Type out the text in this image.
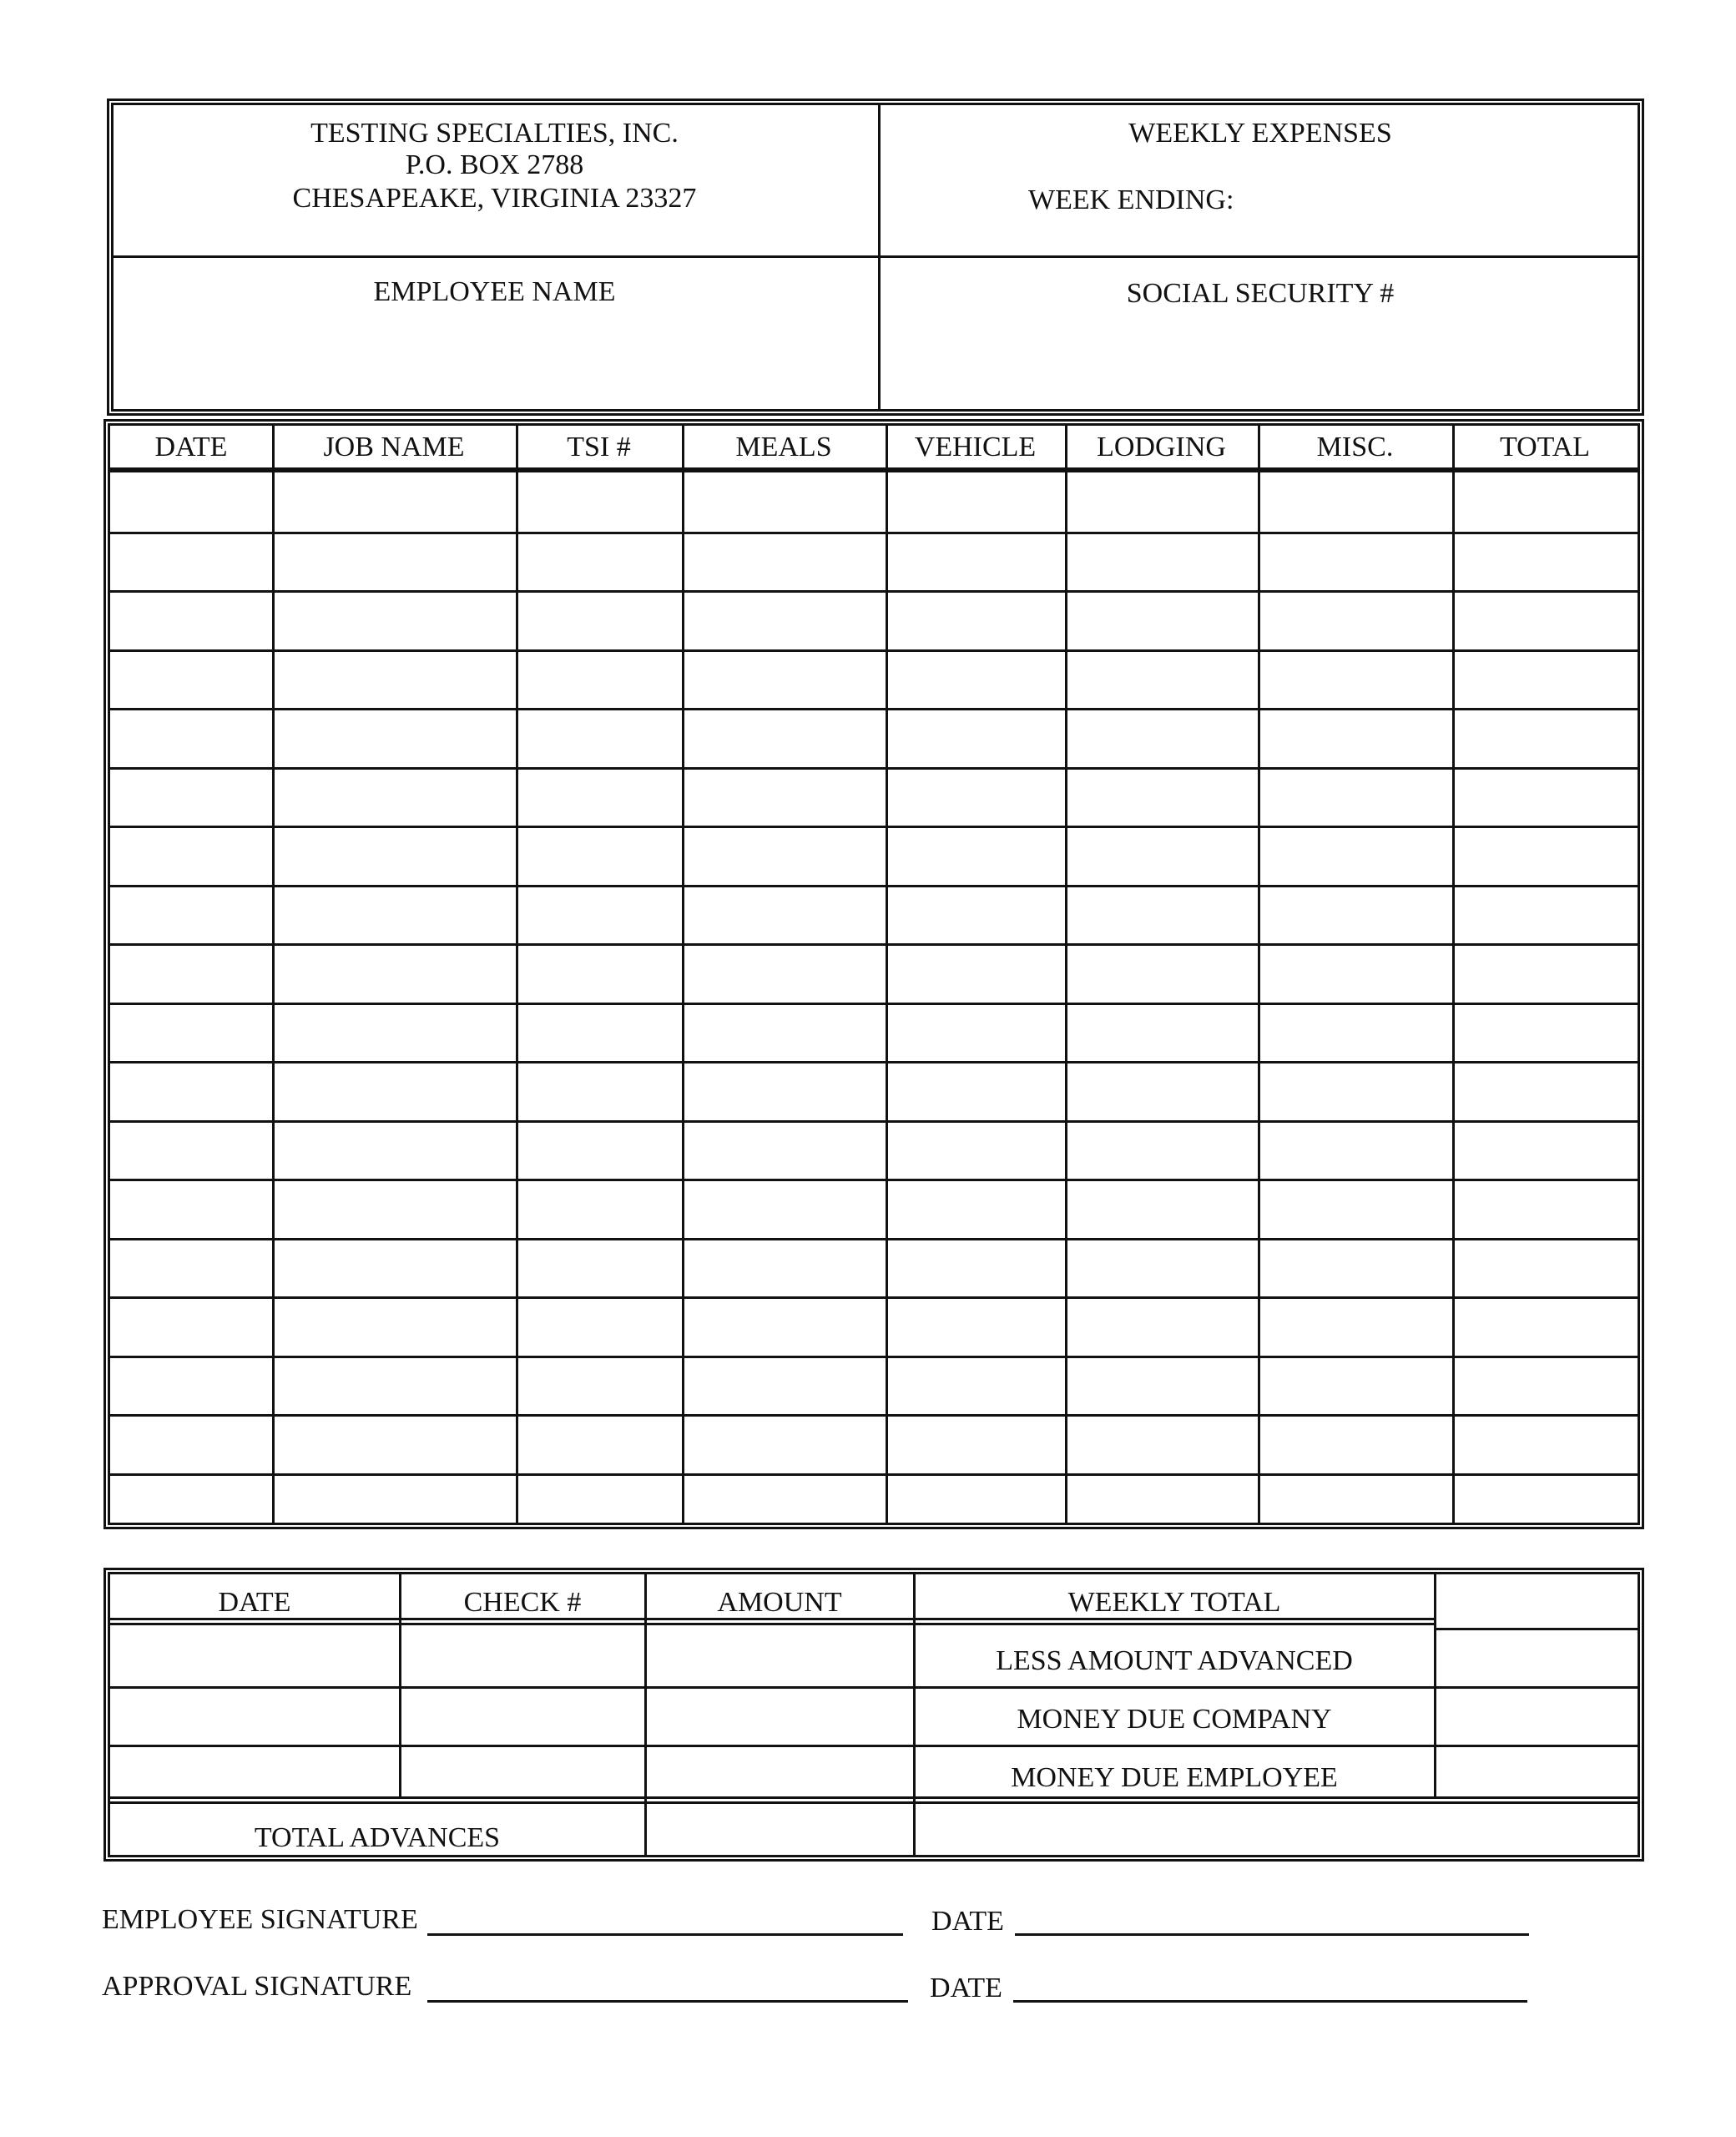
TESTING SPECIALTIES, INC.
P.O. BOX 2788
CHESAPEAKE, VIRGINIA 23327
WEEKLY EXPENSES
WEEK ENDING:
EMPLOYEE NAME	SOCIAL SECURITY #
DATE	JOB NAME	TSI #	MEALS	VEHICLE	LODGING	MISC.	TOTAL
DATE	CHECK #	AMOUNT	WEEKLY TOTAL
LESS AMOUNT ADVANCED
MONEY DUE COMPANY
MONEY DUE EMPLOYEE
TOTAL ADVANCES
EMPLOYEE SIGNATURE	DATE
APPROVAL SIGNATURE	DATE
